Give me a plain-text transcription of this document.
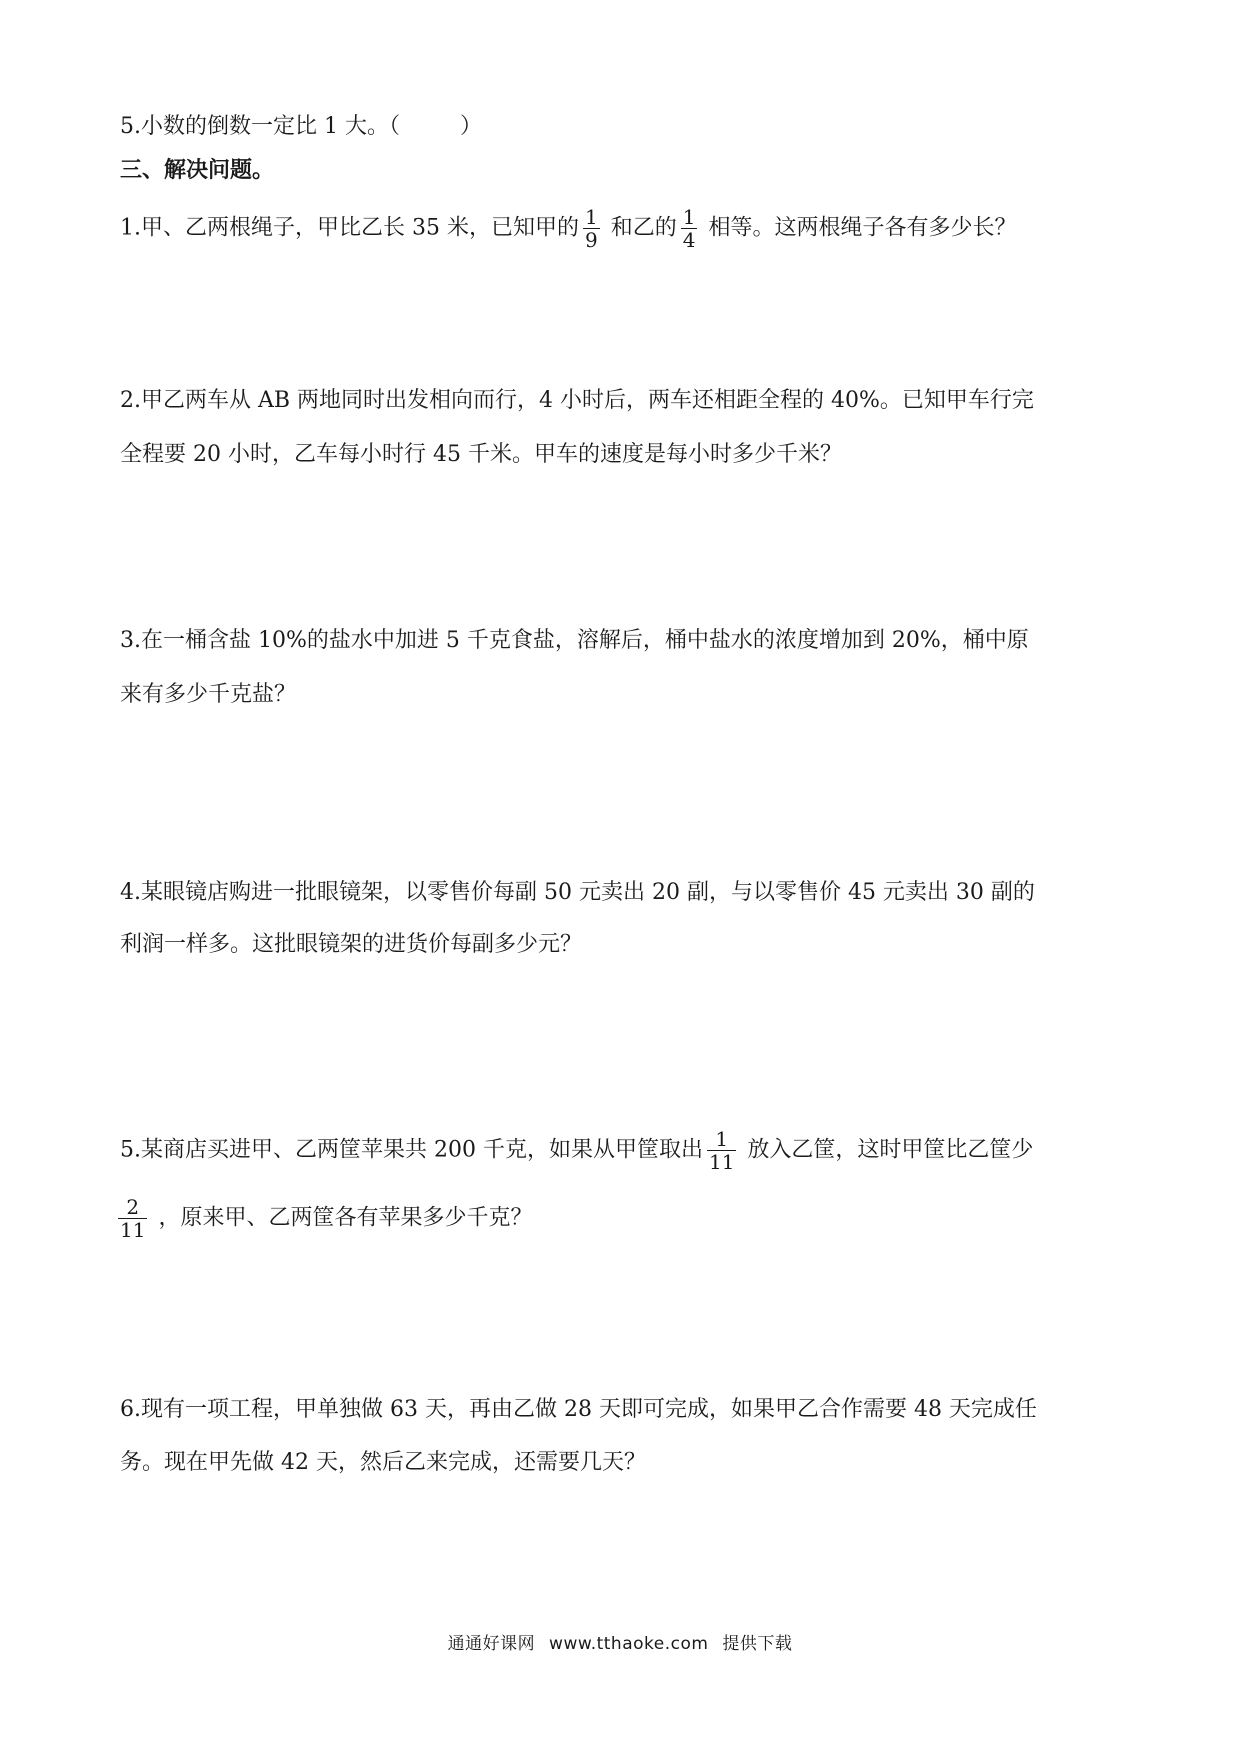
5.小数的倒数一定比 1 大。（	）
三、解决问题。
1.甲、乙两根绳子，甲比乙长 35 米，已知甲的 $\frac{1}{9}$ 和乙的 $\frac{1}{4}$ 相等。这两根绳子各有多少长？
2.甲乙两车从 AB 两地同时出发相向而行，4 小时后，两车还相距全程的 40%。已知甲车行完
全程要 20 小时，乙车每小时行 45 千米。甲车的速度是每小时多少千米？
3.在一桶含盐 10%的盐水中加进 5 千克食盐，溶解后，桶中盐水的浓度增加到 20%，桶中原
来有多少千克盐？
4.某眼镜店购进一批眼镜架，以零售价每副 50 元卖出 20 副，与以零售价 45 元卖出 30 副的
利润一样多。这批眼镜架的进货价每副多少元？
5.某商店买进甲、乙两筐苹果共 200 千克，如果从甲筐取出 $\frac{1}{11}$ 放入乙筐，这时甲筐比乙筐少
$\frac{2}{11}$ ，原来甲、乙两筐各有苹果多少千克？
6.现有一项工程，甲单独做 63 天，再由乙做 28 天即可完成，如果甲乙合作需要 48 天完成任
务。现在甲先做 42 天，然后乙来完成，还需要几天？
通通好课网 www.tthaoke.com 提供下载
